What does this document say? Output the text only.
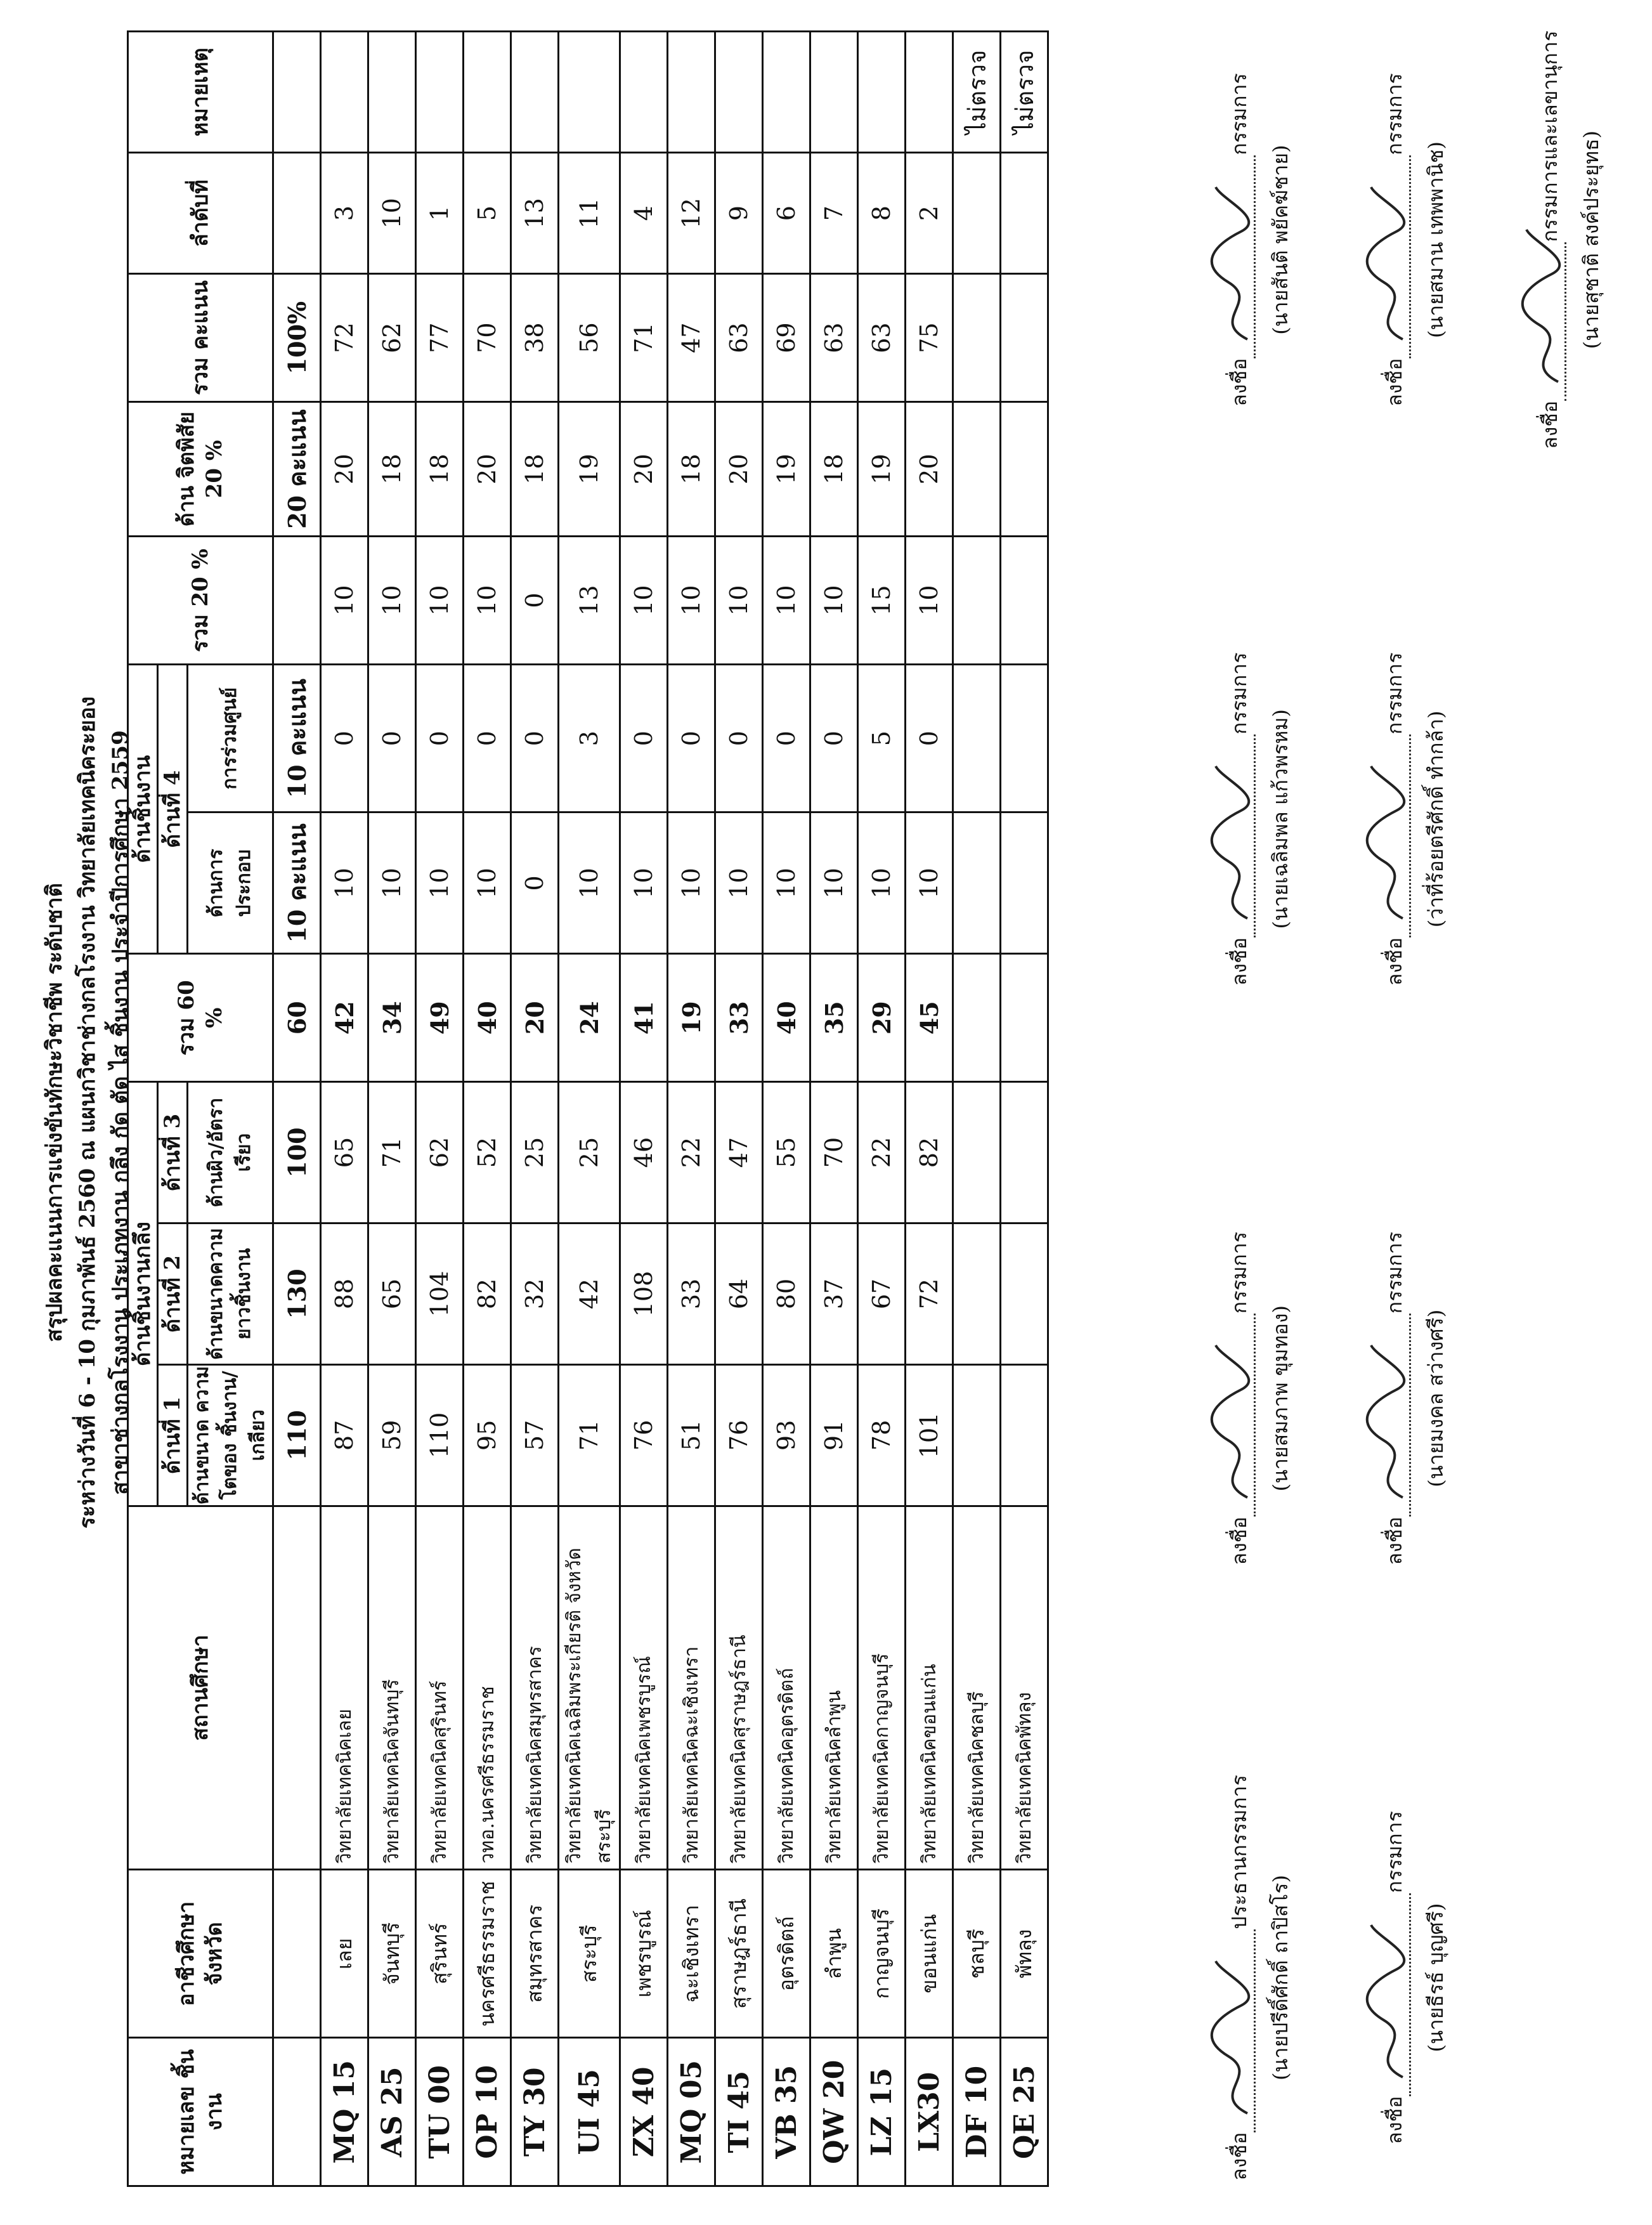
สรุปผลคะแนนการแข่งขันทักษะวิชาชีพ ระดับชาติ ระหว่างวันที่ 6 - 10 กุมภาพันธ์ 2560 ณ แผนกวิชาช่างกลโรงงาน วิทยาลัยเทคนิคระยอง สาขาช่างกลโรงงาน ประเภทงาน กลึง กัด ตัด ไส ชิ้นงาน ประจำปีการศึกษา 2559
หมายเลข ชิ้นงาน	อาชีวศึกษา จังหวัด	สถานศึกษา	ด้านชิ้นงานกลึง			รวม 60 %	ด้านชิ้นงาน		รวม 20 %	ด้าน จิตพิสัย 20 %	รวม คะแนน	ลำดับที่	หมายเหตุ
			ด้านที่ 1	ด้านที่ 2	ด้านที่ 3		ด้านที่ 4						
			ด้านขนาด ความโตของ ชิ้นงาน/เกลียว	ด้านขนาดความ ยาวชิ้นงาน	ด้านผิว/อัตรา เรียว		ด้านการ ประกอบ	การร่วมศูนย์					
			110	130	100	60	10 คะแนน	10 คะแนน		20 คะแนน	100%		
MQ 15	เลย	วิทยาลัยเทคนิคเลย	87	88	65	42	10	0	10	20	72	3	
AS 25	จันทบุรี	วิทยาลัยเทคนิคจันทบุรี	59	65	71	34	10	0	10	18	62	10	
TU 00	สุรินทร์	วิทยาลัยเทคนิคสุรินทร์	110	104	62	49	10	0	10	18	77	1	
OP 10	นครศรีธรรมราช	วทอ.นครศรีธรรมราช	95	82	52	40	10	0	10	20	70	5	
TY 30	สมุทรสาคร	วิทยาลัยเทคนิคสมุทรสาคร	57	32	25	20	0	0	0	18	38	13	
UI 45	สระบุรี	วิทยาลัยเทคนิคเฉลิมพระเกียรติ จังหวัดสระบุรี	71	42	25	24	10	3	13	19	56	11	
ZX 40	เพชรบูรณ์	วิทยาลัยเทคนิคเพชรบูรณ์	76	108	46	41	10	0	10	20	71	4	
MQ 05	ฉะเชิงเทรา	วิทยาลัยเทคนิคฉะเชิงเทรา	51	33	22	19	10	0	10	18	47	12	
TI 45	สุราษฎร์ธานี	วิทยาลัยเทคนิคสุราษฎร์ธานี	76	64	47	33	10	0	10	20	63	9	
VB 35	อุตรดิตถ์	วิทยาลัยเทคนิคอุตรดิตถ์	93	80	55	40	10	0	10	19	69	6	
QW 20	ลำพูน	วิทยาลัยเทคนิคลำพูน	91	37	70	35	10	0	10	18	63	7	
LZ 15	กาญจนบุรี	วิทยาลัยเทคนิคกาญจนบุรี	78	67	22	29	10	5	15	19	63	8	
LX30	ขอนแก่น	วิทยาลัยเทคนิคขอนแก่น	101	72	82	45	10	0	10	20	75	2	
DF 10	ชลบุรี	วิทยาลัยเทคนิคชลบุรี											ไม่ตรวจ
QE 25	พัทลุง	วิทยาลัยเทคนิคพัทลุง											ไม่ตรวจ
ลงชื่อ
ประธานกรรมการ
(นายปรีดิ์ศักดิ์ ถาปิสโร)
ลงชื่อ
กรรมการ
(นายสมภาพ ขุมทอง)
ลงชื่อ
กรรมการ
(นายเฉลิมพล แก้วพรหม)
ลงชื่อ
กรรมการ
(นายสันติ พยัคฆ์ชาย)
ลงชื่อ
กรรมการ
(นายธีรธ์ บุญศรี)
ลงชื่อ
กรรมการ
(นายมงคล สว่างศรี)
ลงชื่อ
กรรมการ
(ว่าที่ร้อยตรีศักดิ์ ทำกล้า)
ลงชื่อ
กรรมการ
(นายสมาน เทพพานิช)
ลงชื่อ
กรรมการและเลขานุการ (นายสุชาติ สงค์ประยุทธ)
